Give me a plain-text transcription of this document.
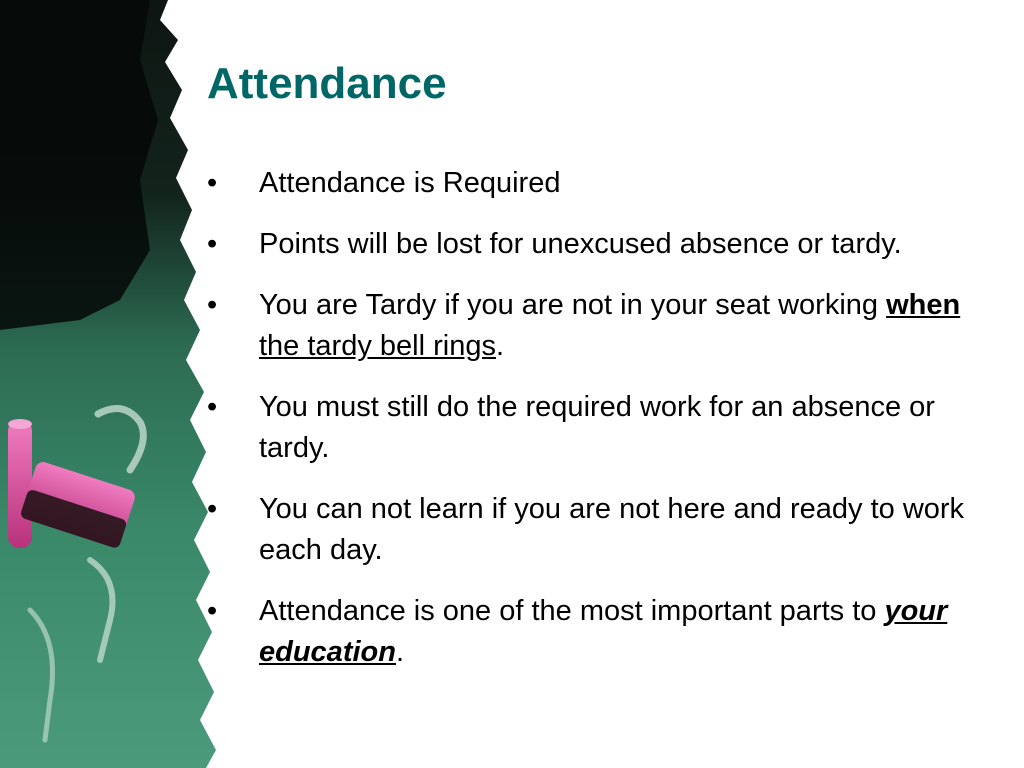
Attendance
• Attendance is Required
• Points will be lost for unexcused absence or tardy.
• You are Tardy if you are not in your seat working when the tardy bell rings.
• You must still do the required work for an absence or tardy.
• You can not learn if you are not here and ready to work each day.
• Attendance is one of the most important parts to your education.
